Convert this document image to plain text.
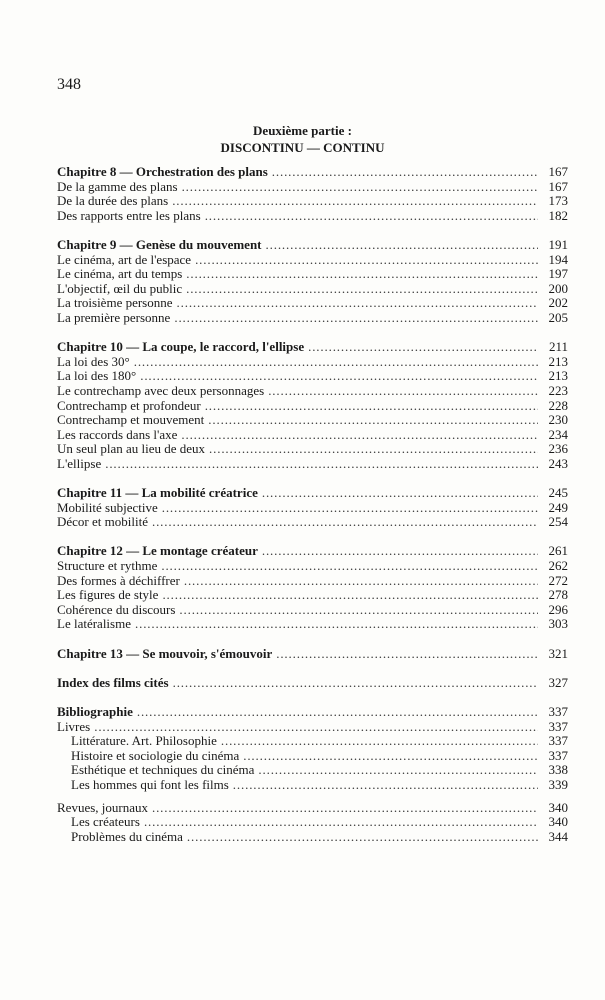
348
Deuxième partie :
DISCONTINU — CONTINU
Chapitre 8 — Orchestration des plans . . .	167
De la gamme des plans . . .	167
De la durée des plans . . .	173
Des rapports entre les plans . . .	182
Chapitre 9 — Genèse du mouvement . . .	191
Le cinéma, art de l'espace . . .	194
Le cinéma, art du temps . . .	197
L'objectif, œil du public . . .	200
La troisième personne . . .	202
La première personne . . .	205
Chapitre 10 — La coupe, le raccord, l'ellipse . . .	211
La loi des 30° . . .	213
La loi des 180° . . .	213
Le contrechamp avec deux personnages . . .	223
Contrechamp et profondeur . . .	228
Contrechamp et mouvement . . .	230
Les raccords dans l'axe . . .	234
Un seul plan au lieu de deux . . .	236
L'ellipse . . .	243
Chapitre 11 — La mobilité créatrice . . .	245
Mobilité subjective . . .	249
Décor et mobilité . . .	254
Chapitre 12 — Le montage créateur . . .	261
Structure et rythme . . .	262
Des formes à déchiffrer . . .	272
Les figures de style . . .	278
Cohérence du discours . . .	296
Le latéralisme . . .	303
Chapitre 13 — Se mouvoir, s'émouvoir . . .	321
Index des films cités . . .	327
Bibliographie . . .	337
Livres . . .	337
Littérature. Art. Philosophie . . .	337
Histoire et sociologie du cinéma . . .	337
Esthétique et techniques du cinéma . . .	338
Les hommes qui font les films . . .	339
Revues, journaux . . .	340
Les créateurs . . .	340
Problèmes du cinéma . . .	344
